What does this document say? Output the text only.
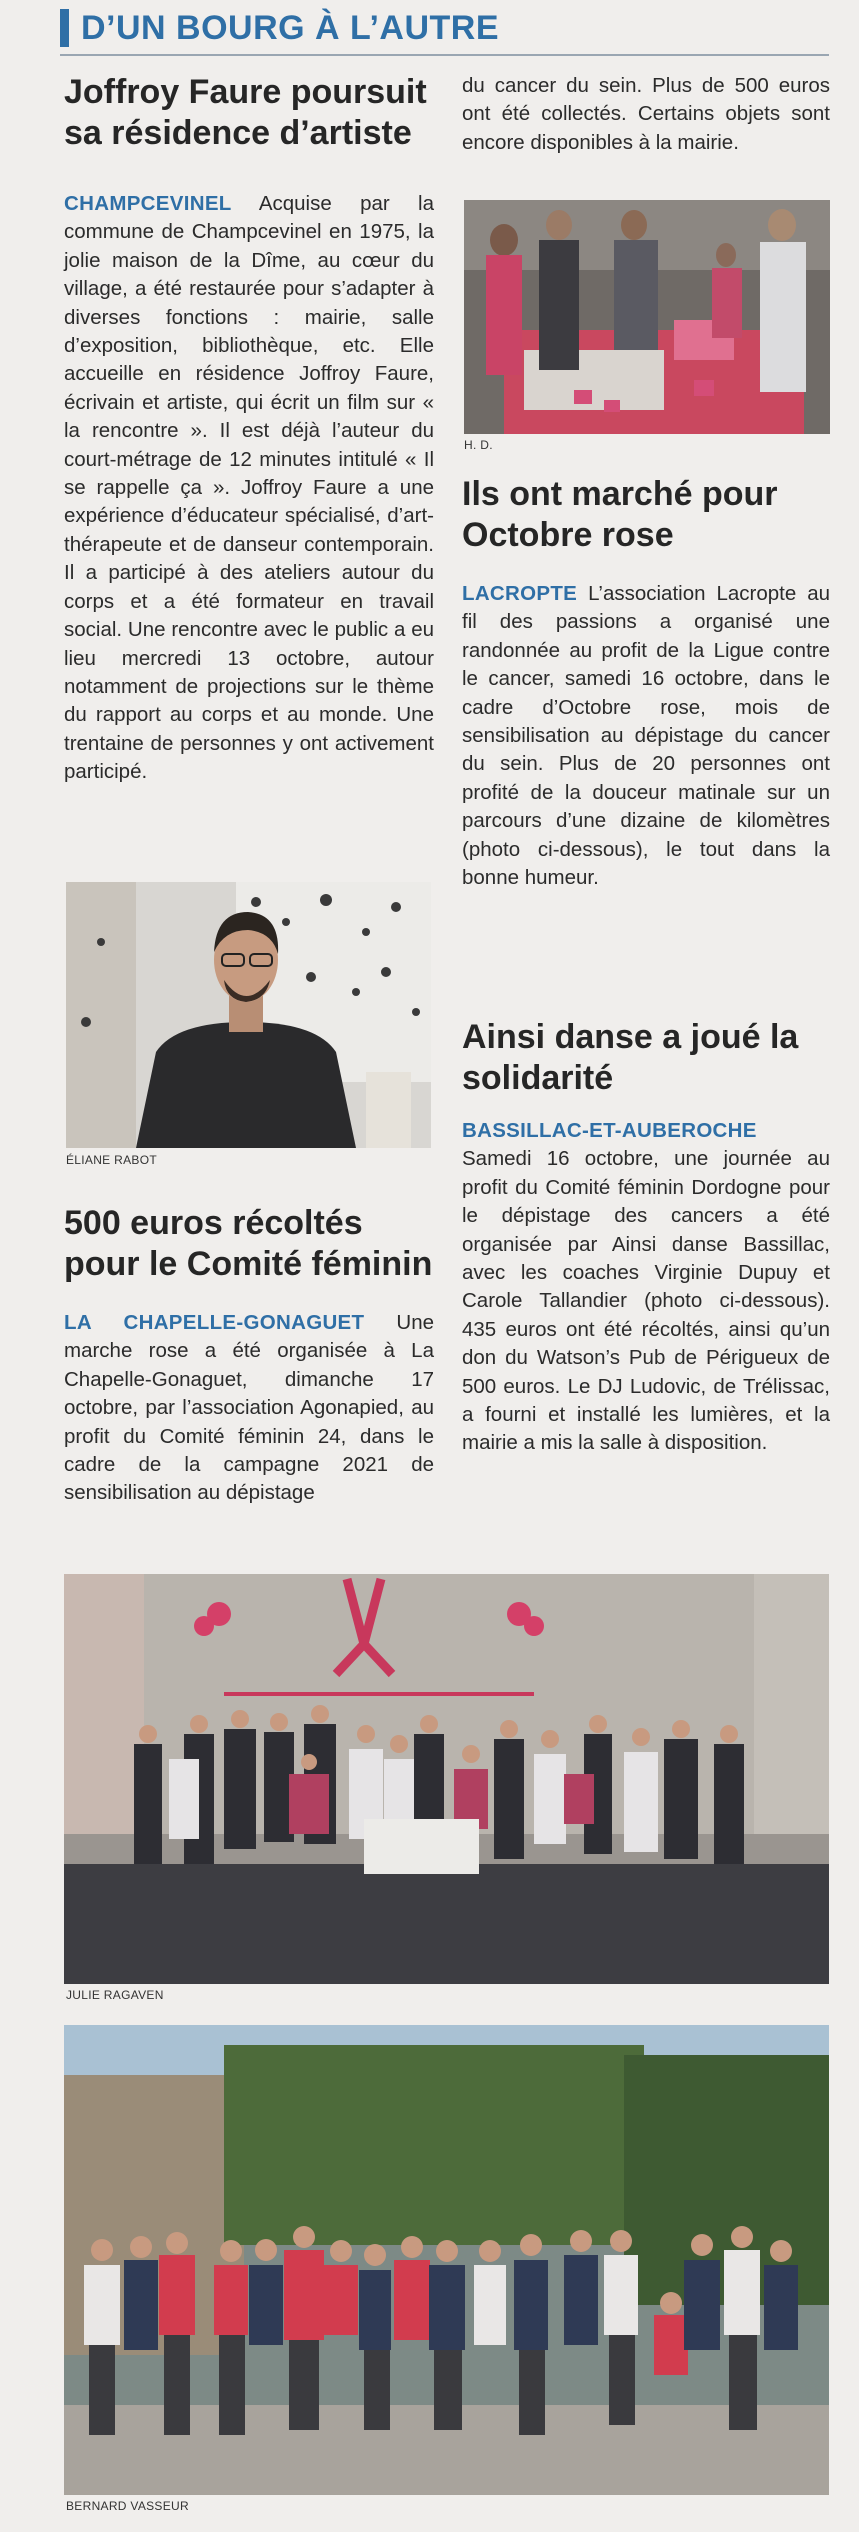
D’UN BOURG À L’AUTRE
Joffroy Faure poursuit sa résidence d’artiste

CHAMPCEVINEL Acquise par la commune de Champcevinel en 1975, la jolie maison de la Dîme, au cœur du village, a été restaurée pour s’adapter à diverses fonctions : mairie, salle d’exposition, bibliothèque, etc. Elle accueille en résidence Joffroy Faure, écrivain et artiste, qui écrit un film sur « la rencontre ». Il est déjà l’auteur du court-métrage de 12 minutes intitulé « Il se rappelle ça ». Joffroy Faure a une expérience d’éducateur spécialisé, d’art-thérapeute et de danseur contemporain. Il a participé à des ateliers autour du corps et a été formateur en travail social. Une rencontre avec le public a eu lieu mercredi 13 octobre, autour notamment de projections sur le thème du rapport au corps et au monde. Une trentaine de personnes y ont activement participé.

ÉLIANE RABOT
500 euros récoltés pour le Comité féminin

LA CHAPELLE-GONAGUET Une marche rose a été organisée à La Chapelle-Gonaguet, dimanche 17 octobre, par l’association Agonapied, au profit du Comité féminin 24, dans le cadre de la campagne 2021 de sensibilisation au dépistage

du cancer du sein. Plus de 500 euros ont été collectés. Certains objets sont encore disponibles à la mairie.

Ils ont marché pour Octobre rose

LACROPTE L’association Lacropte au fil des passions a organisé une randonnée au profit de la Ligue contre le cancer, samedi 16 octobre, dans le cadre d’Octobre rose, mois de sensibilisation au dépistage du cancer du sein. Plus de 20 personnes ont profité de la douceur matinale sur un parcours d’une dizaine de kilomètres (photo ci-dessous), le tout dans la bonne humeur.

Ainsi danse a joué la solidarité

BASSILLAC-ET-AUBEROCHE Samedi 16 octobre, une journée au profit du Comité féminin Dordogne pour le dépistage des cancers a été organisée par Ainsi danse Bassillac, avec les coaches Virginie Dupuy et Carole Tallandier (photo ci-dessous). 435 euros ont été récoltés, ainsi qu’un don du Watson’s Pub de Périgueux de 500 euros. Le DJ Ludovic, de Trélissac, a fourni et installé les lumières, et la mairie a mis la salle à disposition.

JULIE RAGAVEN
BERNARD VASSEUR
H. D.
